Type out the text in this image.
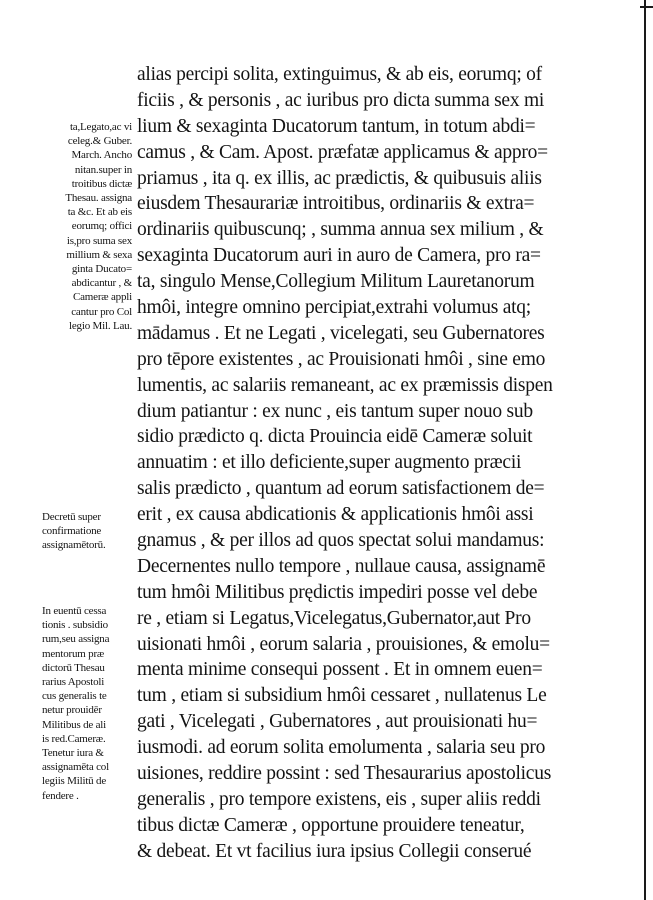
alias percipi solita, extinguimus, & ab eis, eorumq; of
ficiis , & personis , ac iuribus pro dicta summa sex mi
lium & sexaginta Ducatorum tantum, in totum abdi=
camus , & Cam. Apost. præfatæ applicamus & appro=
priamus , ita q. ex illis, ac prædictis, & quibusuis aliis
eiusdem Thesaurariæ introitibus, ordinariis & extra=
ordinariis quibuscunq; , summa annua sex milium , &
sexaginta Ducatorum auri in auro de Camera, pro ra=
ta, singulo Mense,Collegium Militum Lauretanorum
hmôi, integre omnino percipiat,extrahi volumus atq;
mādamus . Et ne Legati , vicelegati, seu Gubernatores
pro tēpore existentes , ac Prouisionati hmôi , sine emo
lumentis, ac salariis remaneant, ac ex præmissis dispen
dium patiantur : ex nunc , eis tantum super nouo sub
sidio prædicto q. dicta Prouincia eidē Cameræ soluit
annuatim : et illo deficiente,super augmento præcii
salis prædicto , quantum ad eorum satisfactionem de=
erit , ex causa abdicationis & applicationis hmôi assi
gnamus , & per illos ad quos spectat solui mandamus:
Decernentes nullo tempore , nullaue causa, assignamē
tum hmôi Militibus prędictis impediri posse vel debe
re , etiam si Legatus,Vicelegatus,Gubernator,aut Pro
uisionati hmôi , eorum salaria , prouisiones, & emolu=
menta minime consequi possent . Et in omnem euen=
tum , etiam si subsidium hmôi cessaret , nullatenus Le
gati , Vicelegati , Gubernatores , aut prouisionati hu=
iusmodi. ad eorum solita emolumenta , salaria seu pro
uisiones, reddire possint : sed Thesaurarius apostolicus
generalis , pro tempore existens, eis , super aliis reddi
tibus dictæ Cameræ , opportune prouidere teneatur,
& debeat. Et vt facilius iura ipsius Collegii conserué
ta,Legato,ac vi
celeg.& Guber.
March. Ancho
nitan.super in
troitibus dictæ
Thesau. assigna
ta &c. Et ab eis
eorumq; offici
is,pro suma sex
millium & sexa
ginta Ducato=
abdicantur , &
Cameræ appli
cantur pro Col
legio Mil. Lau.
Decretū super
confirmatione
assignamētorū.
In euentū cessa
tionis . subsidio
rum,seu assigna
mentorum præ
dictorū Thesau
rarius Apostoli
cus generalis te
netur prouidēr
Militibus de ali
is red.Cameræ.
Tenetur iura &
assignamēta col
legiis Militū de
fendere .
